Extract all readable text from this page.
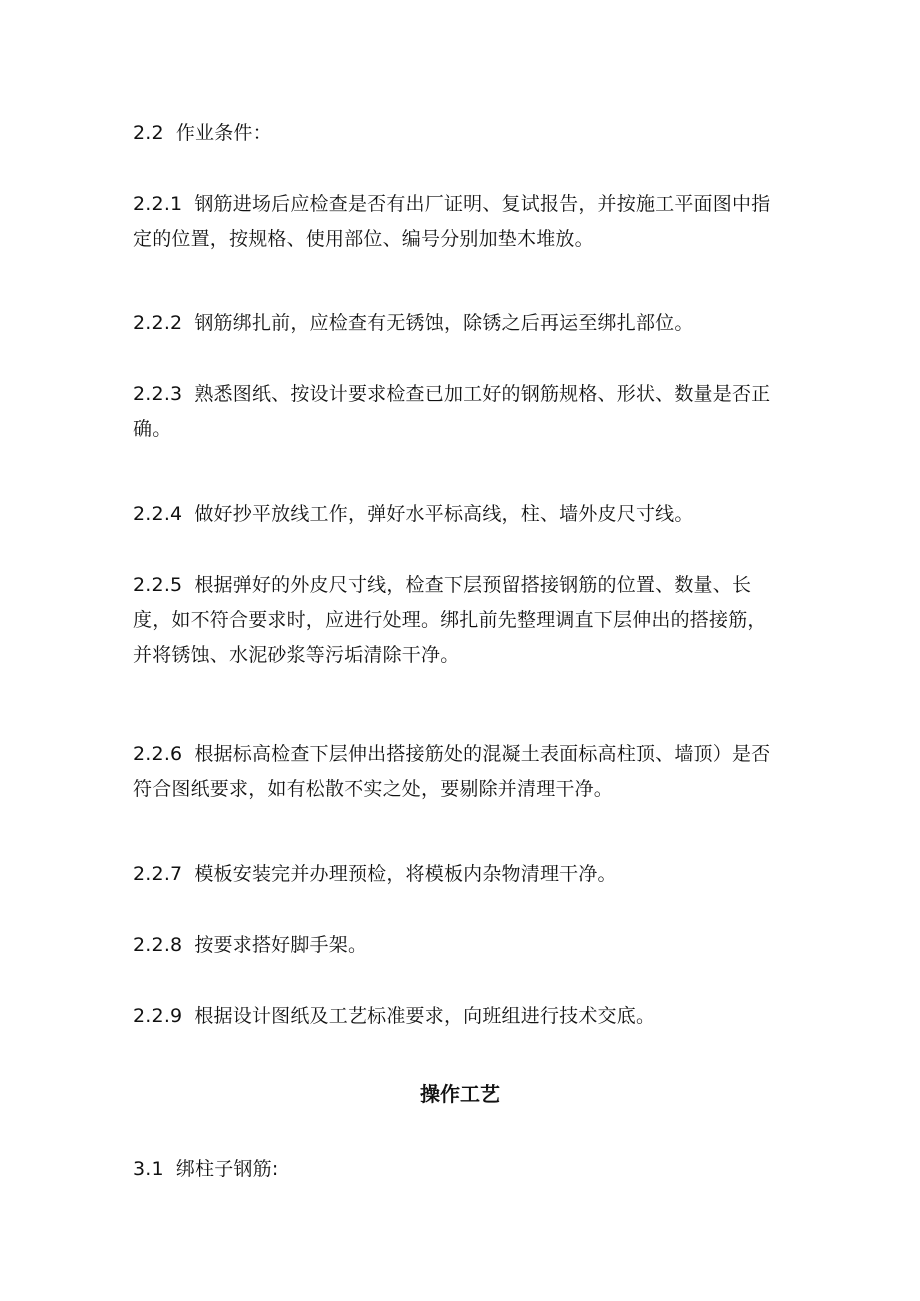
2.2 作业条件：

2.2.1 钢筋进场后应检查是否有出厂证明、复试报告，并按施工平面图中指定的位置，按规格、使用部位、编号分别加垫木堆放。

2.2.2 钢筋绑扎前，应检查有无锈蚀，除锈之后再运至绑扎部位。

2.2.3 熟悉图纸、按设计要求检查已加工好的钢筋规格、形状、数量是否正确。

2.2.4 做好抄平放线工作，弹好水平标高线，柱、墙外皮尺寸线。

2.2.5 根据弹好的外皮尺寸线，检查下层预留搭接钢筋的位置、数量、长度，如不符合要求时，应进行处理。绑扎前先整理调直下层伸出的搭接筋，并将锈蚀、水泥砂浆等污垢清除干净。

2.2.6 根据标高检查下层伸出搭接筋处的混凝土表面标高柱顶、墙顶）是否符合图纸要求，如有松散不实之处，要剔除并清理干净。

2.2.7 模板安装完并办理预检，将模板内杂物清理干净。

2.2.8 按要求搭好脚手架。

2.2.9 根据设计图纸及工艺标准要求，向班组进行技术交底。

操作工艺

3.1 绑柱子钢筋:
